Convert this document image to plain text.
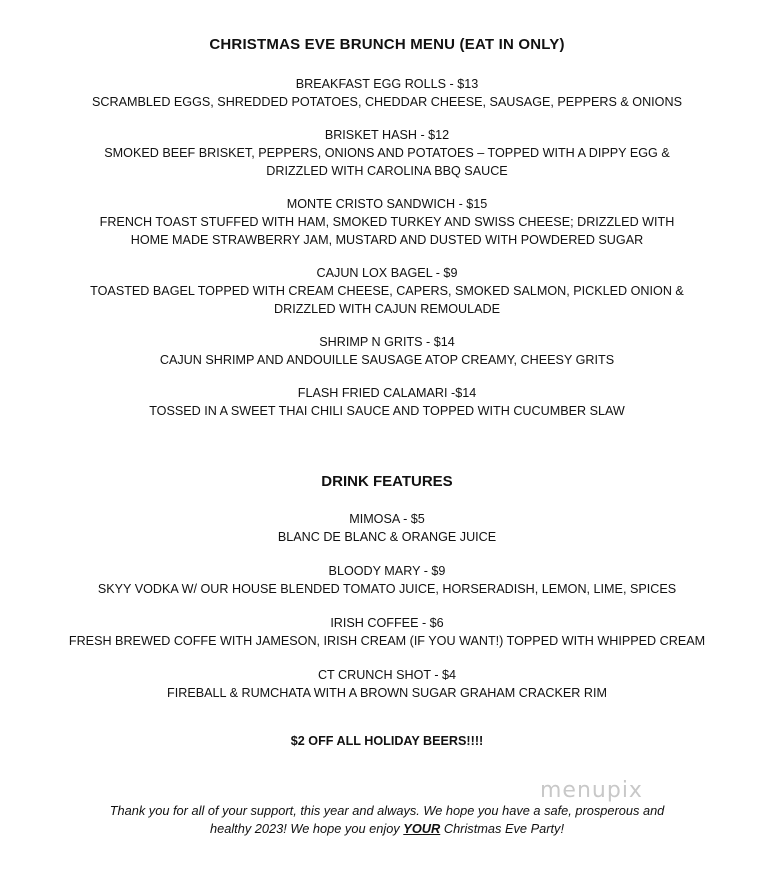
CHRISTMAS EVE BRUNCH MENU (EAT IN ONLY)
BREAKFAST EGG ROLLS - $13
SCRAMBLED EGGS, SHREDDED POTATOES, CHEDDAR CHEESE, SAUSAGE, PEPPERS & ONIONS
BRISKET HASH - $12
SMOKED BEEF BRISKET, PEPPERS, ONIONS AND POTATOES – TOPPED WITH A DIPPY EGG & DRIZZLED WITH CAROLINA BBQ SAUCE
MONTE CRISTO SANDWICH - $15
FRENCH TOAST STUFFED WITH HAM, SMOKED TURKEY AND SWISS CHEESE; DRIZZLED WITH HOME MADE STRAWBERRY JAM, MUSTARD AND DUSTED WITH POWDERED SUGAR
CAJUN LOX BAGEL - $9
TOASTED BAGEL TOPPED WITH CREAM CHEESE, CAPERS, SMOKED SALMON, PICKLED ONION & DRIZZLED WITH CAJUN REMOULADE
SHRIMP N GRITS - $14
CAJUN SHRIMP AND ANDOUILLE SAUSAGE ATOP CREAMY, CHEESY GRITS
FLASH FRIED CALAMARI -$14
TOSSED IN A SWEET THAI CHILI SAUCE AND TOPPED WITH CUCUMBER SLAW
DRINK FEATURES
MIMOSA - $5
BLANC DE BLANC & ORANGE JUICE
BLOODY MARY - $9
SKYY VODKA W/ OUR HOUSE BLENDED TOMATO JUICE, HORSERADISH, LEMON, LIME, SPICES
IRISH COFFEE - $6
FRESH BREWED COFFE WITH JAMESON, IRISH CREAM (IF YOU WANT!) TOPPED WITH WHIPPED CREAM
CT CRUNCH SHOT - $4
FIREBALL & RUMCHATA WITH A BROWN SUGAR GRAHAM CRACKER RIM
$2 OFF ALL HOLIDAY BEERS!!!!
menupix
Thank you for all of your support, this year and always. We hope you have a safe, prosperous and
healthy 2023! We hope you enjoy YOUR Christmas Eve Party!
